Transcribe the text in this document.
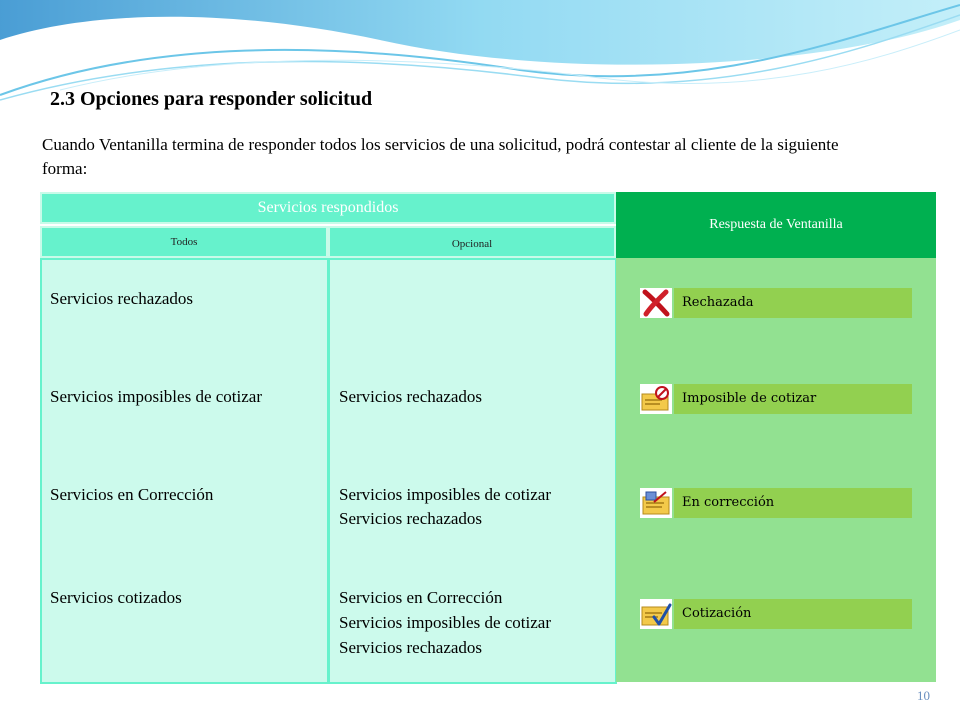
2.3 Opciones para responder solicitud
Cuando Ventanilla termina de responder todos los servicios de una solicitud, podrá contestar al cliente de la siguiente forma:
Servicios respondidos
Respuesta de Ventanilla
Todos	Opcional
Servicios rechazados
Servicios imposibles de cotizar
Servicios en Corrección
Servicios cotizados
Servicios rechazados
Servicios imposibles de cotizar
Servicios rechazados
Servicios en Corrección
Servicios imposibles de cotizar
Servicios rechazados
Rechazada
Imposible de cotizar
En corrección
Cotización
10
